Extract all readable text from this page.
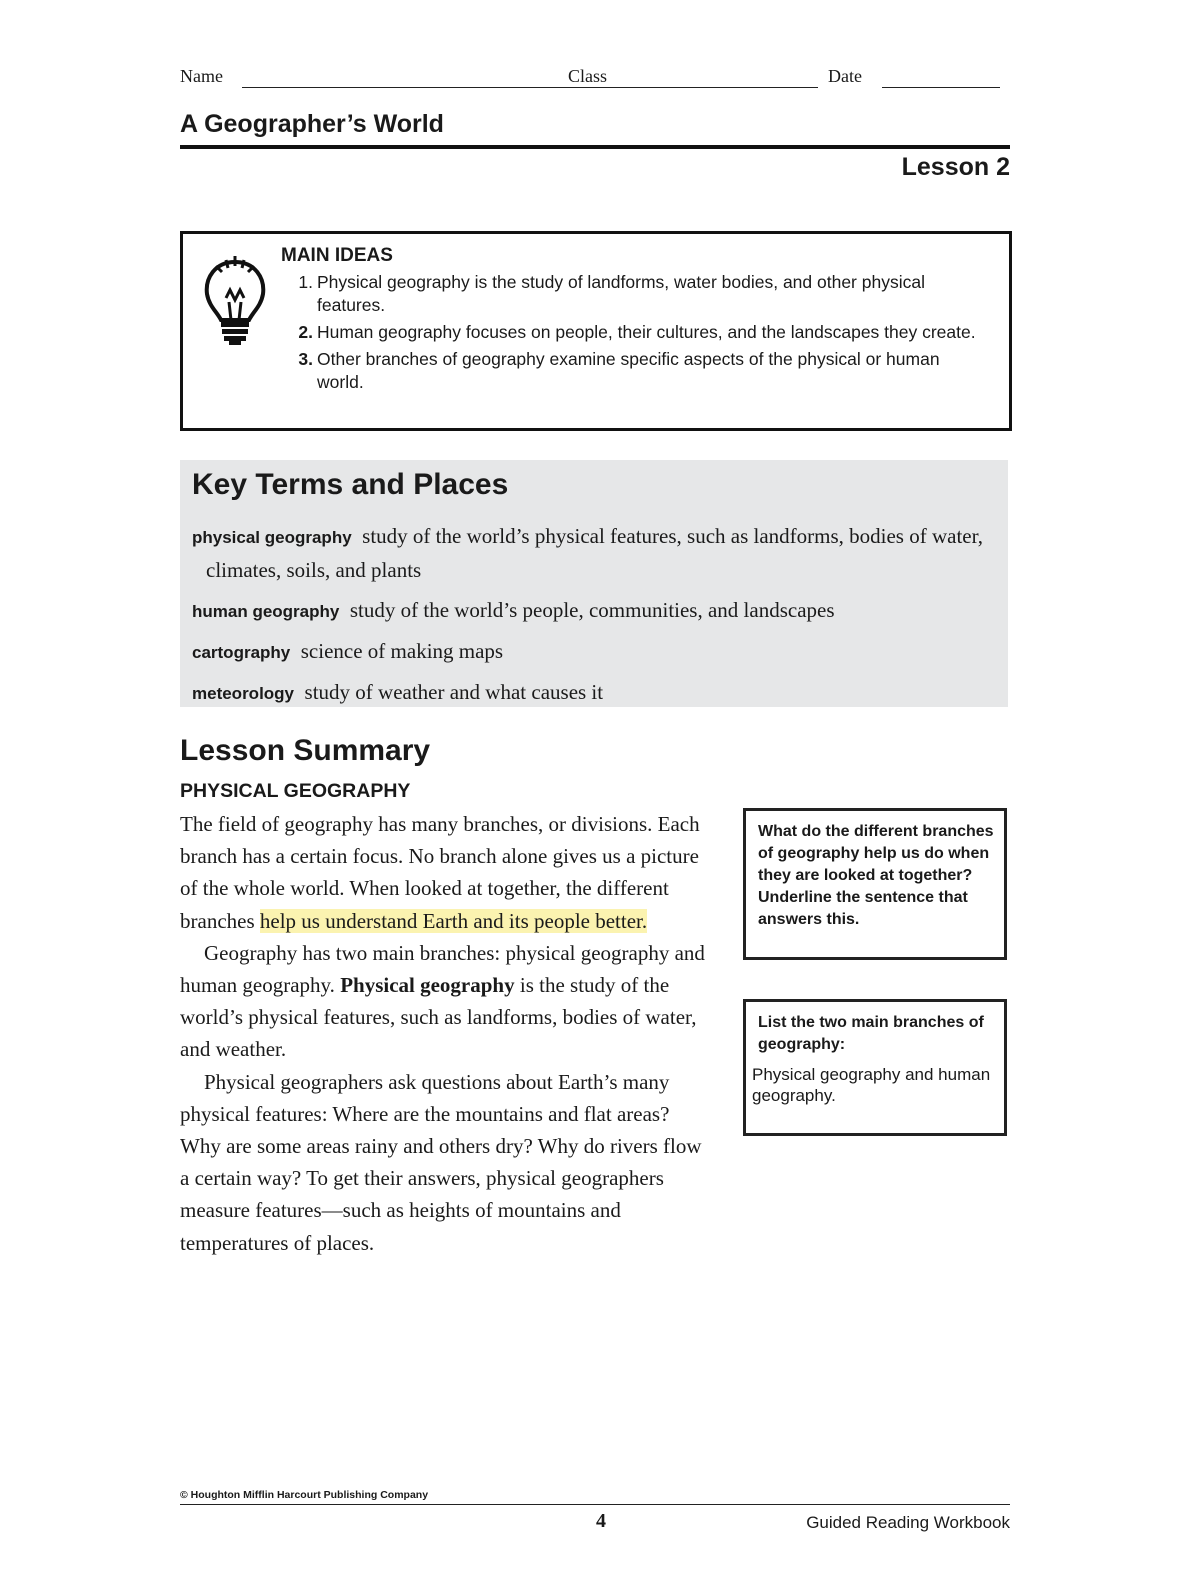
Name	Class	Date
A Geographer’s World
Lesson 2
MAIN IDEAS
1. Physical geography is the study of landforms, water bodies, and other physical features.
2. Human geography focuses on people, their cultures, and the landscapes they create.
3. Other branches of geography examine specific aspects of the physical or human world.
Key Terms and Places
physical geography study of the world’s physical features, such as landforms, bodies of water, climates, soils, and plants
human geography study of the world’s people, communities, and landscapes
cartography science of making maps
meteorology study of weather and what causes it
Lesson Summary
PHYSICAL GEOGRAPHY

The field of geography has many branches, or divisions. Each branch has a certain focus. No branch alone gives us a picture of the whole world. When looked at together, the different branches help us understand Earth and its people better.

Geography has two main branches: physical geography and human geography. Physical geography is the study of the world’s physical features, such as landforms, bodies of water, and weather.

Physical geographers ask questions about Earth’s many physical features: Where are the mountains and flat areas? Why are some areas rainy and others dry? Why do rivers flow a certain way? To get their answers, physical geographers measure features—such as heights of mountains and temperatures of places.

What do the different branches of geography help us do when they are looked at together? Underline the sentence that answers this.
List the two main branches of geography:
Physical geography and human geography.
© Houghton Mifflin Harcourt Publishing Company
4	Guided Reading Workbook
